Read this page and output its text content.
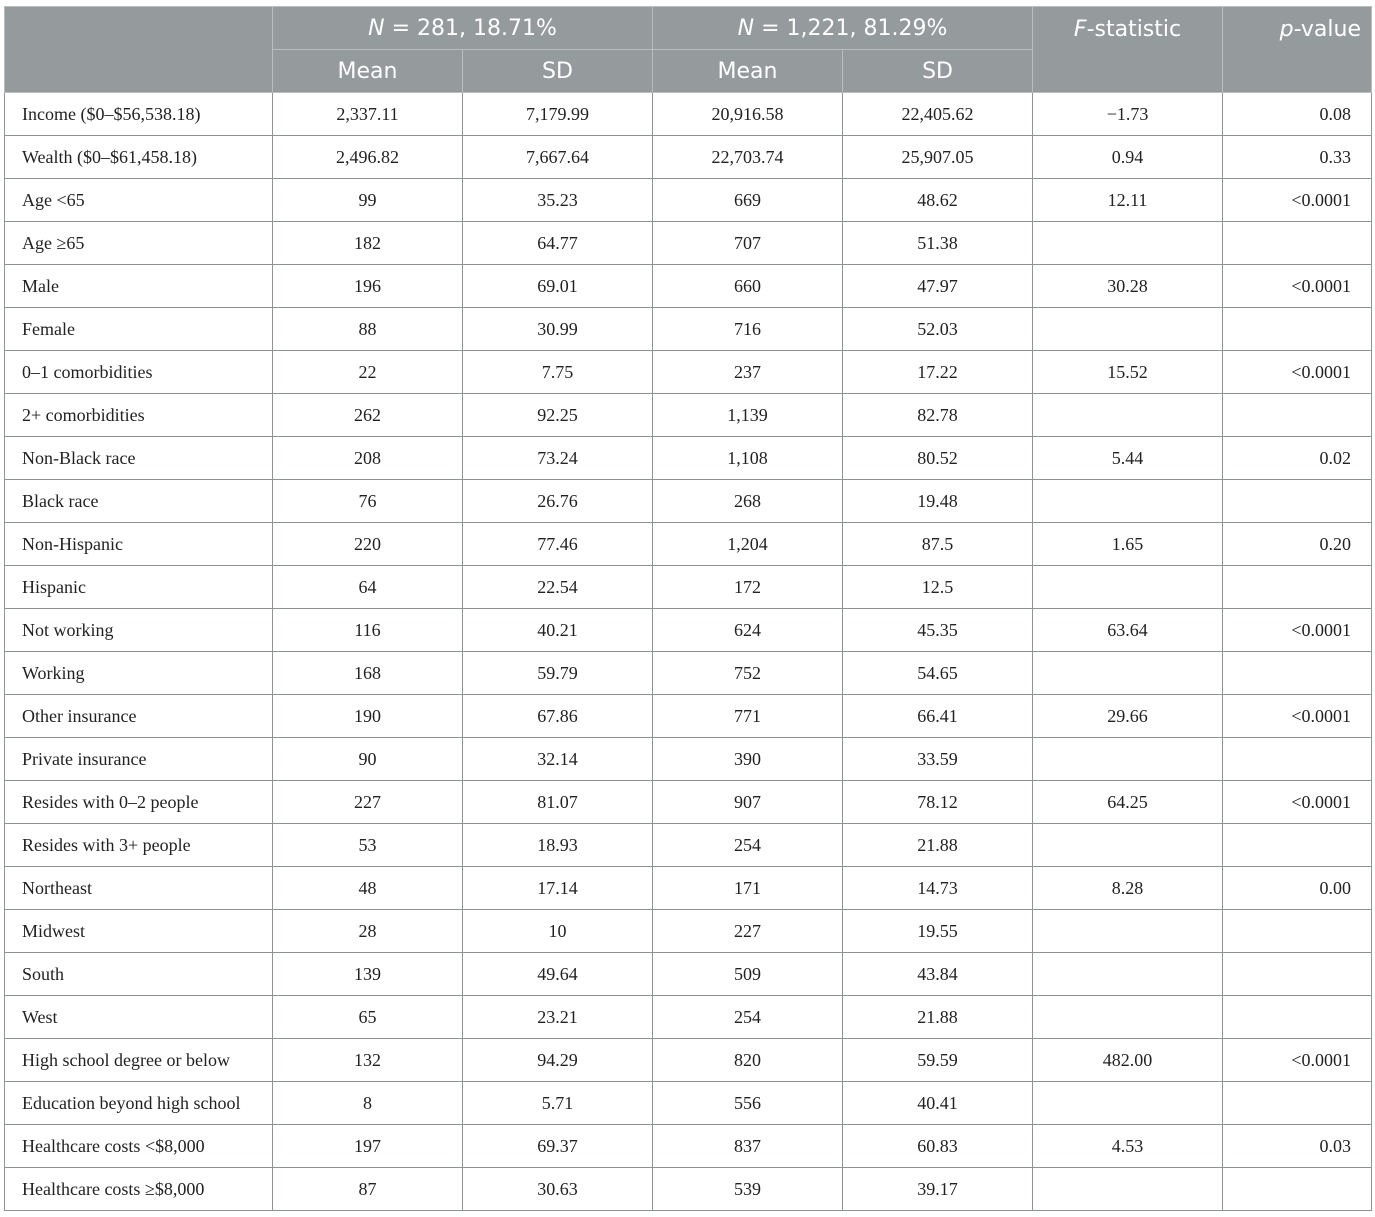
	N = 281, 18.71%		N = 1,221, 81.29%		F-statistic	p-value
	Mean	SD	Mean	SD		
Income ($0–$56,538.18)	2,337.11	7,179.99	20,916.58	22,405.62	−1.73	0.08
Wealth ($0–$61,458.18)	2,496.82	7,667.64	22,703.74	25,907.05	0.94	0.33
Age <65	99	35.23	669	48.62	12.11	<0.0001
Age ≥65	182	64.77	707	51.38		
Male	196	69.01	660	47.97	30.28	<0.0001
Female	88	30.99	716	52.03		
0–1 comorbidities	22	7.75	237	17.22	15.52	<0.0001
2+ comorbidities	262	92.25	1,139	82.78		
Non-Black race	208	73.24	1,108	80.52	5.44	0.02
Black race	76	26.76	268	19.48		
Non-Hispanic	220	77.46	1,204	87.5	1.65	0.20
Hispanic	64	22.54	172	12.5		
Not working	116	40.21	624	45.35	63.64	<0.0001
Working	168	59.79	752	54.65		
Other insurance	190	67.86	771	66.41	29.66	<0.0001
Private insurance	90	32.14	390	33.59		
Resides with 0–2 people	227	81.07	907	78.12	64.25	<0.0001
Resides with 3+ people	53	18.93	254	21.88		
Northeast	48	17.14	171	14.73	8.28	0.00
Midwest	28	10	227	19.55		
South	139	49.64	509	43.84		
West	65	23.21	254	21.88		
High school degree or below	132	94.29	820	59.59	482.00	<0.0001
Education beyond high school	8	5.71	556	40.41		
Healthcare costs <$8,000	197	69.37	837	60.83	4.53	0.03
Healthcare costs ≥$8,000	87	30.63	539	39.17		
